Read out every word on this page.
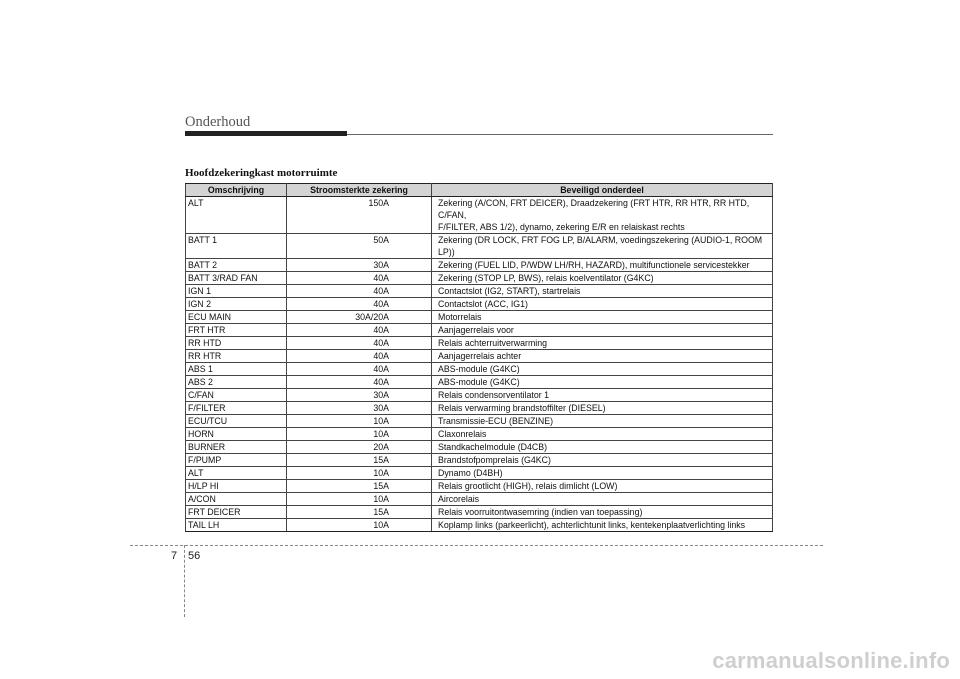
Onderhoud
Hoofdzekeringkast motorruimte
Omschrijving	Stroomsterkte zekering	Beveiligd onderdeel
ALT	150A	Zekering (A/CON, FRT DEICER), Draadzekering (FRT HTR, RR HTR, RR HTD, C/FAN,
F/FILTER, ABS 1/2), dynamo, zekering E/R en relaiskast rechts
BATT 1	50A	Zekering (DR LOCK, FRT FOG LP, B/ALARM, voedingszekering (AUDIO-1, ROOM LP))
BATT 2	30A	Zekering (FUEL LID, P/WDW LH/RH, HAZARD), multifunctionele servicestekker
BATT 3/RAD FAN	40A	Zekering (STOP LP, BWS), relais koelventilator (G4KC)
IGN 1	40A	Contactslot (IG2, START), startrelais
IGN 2	40A	Contactslot (ACC, IG1)
ECU MAIN	30A/20A	Motorrelais
FRT HTR	40A	Aanjagerrelais voor
RR HTD	40A	Relais achterruitverwarming
RR HTR	40A	Aanjagerrelais achter
ABS 1	40A	ABS-module (G4KC)
ABS 2	40A	ABS-module (G4KC)
C/FAN	30A	Relais condensorventilator 1
F/FILTER	30A	Relais verwarming brandstoffilter (DIESEL)
ECU/TCU	10A	Transmissie-ECU (BENZINE)
HORN	10A	Claxonrelais
BURNER	20A	Standkachelmodule (D4CB)
F/PUMP	15A	Brandstofpomprelais (G4KC)
ALT	10A	Dynamo (D4BH)
H/LP HI	15A	Relais grootlicht (HIGH), relais dimlicht (LOW)
A/CON	10A	Aircorelais
FRT DEICER	15A	Relais voorruitontwasemring (indien van toepassing)
TAIL LH	10A	Koplamp links (parkeerlicht), achterlichtunit links, kentekenplaatverlichting links
7 56
carmanualsonline.info
